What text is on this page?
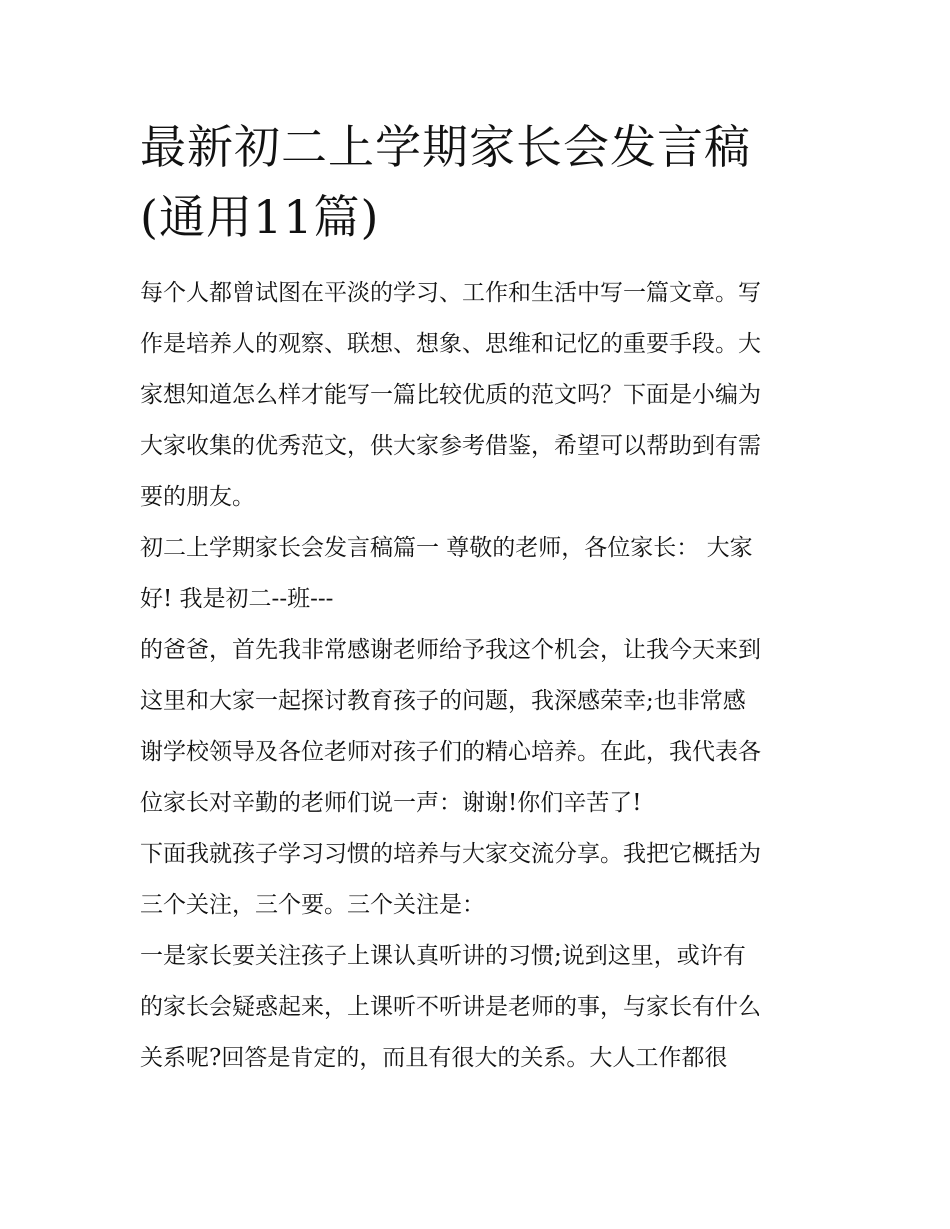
最新初二上学期家长会发言稿
(通用11篇)

每个人都曾试图在平淡的学习、工作和生活中写一篇文章。写
作是培养人的观察、联想、想象、思维和记忆的重要手段。大
家想知道怎么样才能写一篇比较优质的范文吗？下面是小编为
大家收集的优秀范文，供大家参考借鉴，希望可以帮助到有需
要的朋友。

初二上学期家长会发言稿篇一 尊敬的老师，各位家长： 大家
好! 我是初二--班---

的爸爸，首先我非常感谢老师给予我这个机会，让我今天来到
这里和大家一起探讨教育孩子的问题，我深感荣幸;也非常感
谢学校领导及各位老师对孩子们的精心培养。在此，我代表各
位家长对辛勤的老师们说一声：谢谢!你们辛苦了!

下面我就孩子学习习惯的培养与大家交流分享。我把它概括为
三个关注，三个要。三个关注是：

一是家长要关注孩子上课认真听讲的习惯;说到这里，或许有
的家长会疑惑起来，上课听不听讲是老师的事，与家长有什么
关系呢?回答是肯定的，而且有很大的关系。大人工作都很
